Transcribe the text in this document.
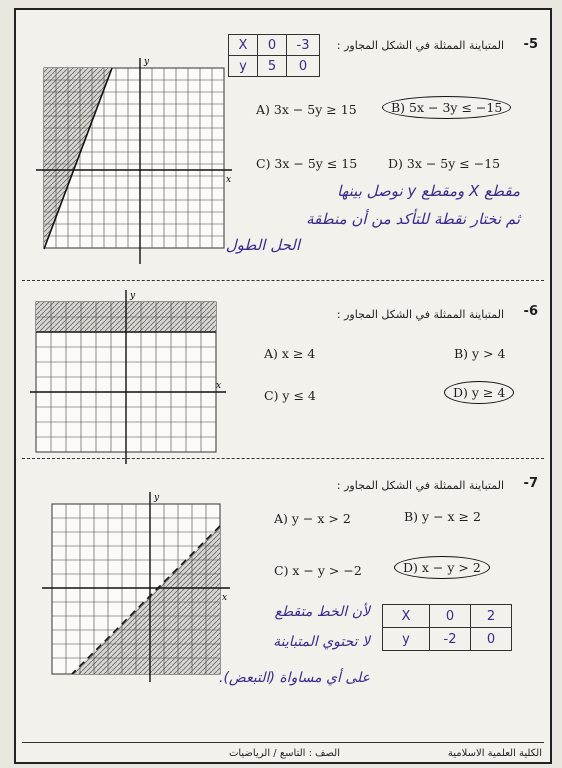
-5
المتباينة الممثلة في الشكل المجاور :
X	0	-3
y	5	0
x
y
A) 3x − 5y ≥ 15	B) 5x − 3y ≤ −15
C) 3x − 5y ≤ 15 D) 3x − 5y ≤ −15
مقطع X ومقطع y نوصل بينها
ثم نختار نقطة للتأكد من أن منطقة
الحل الطول
-6
المتباينة الممثلة في الشكل المجاور :
x
y
A) x ≥ 4	B) y > 4
C) y ≤ 4	D) y ≥ 4
-7
المتباينة الممثلة في الشكل المجاور :
x
y
A) y − x > 2	B) y − x ≥ 2
C) x − y > −2	D) x − y > 2
لأن الخط متقطع
لا تحتوي المتباينة
على أي مساواة (التبعض).
X	0	2
y	-2	0
الكلية العلمية الاسلامية
الصف : التاسع / الرياضيات
